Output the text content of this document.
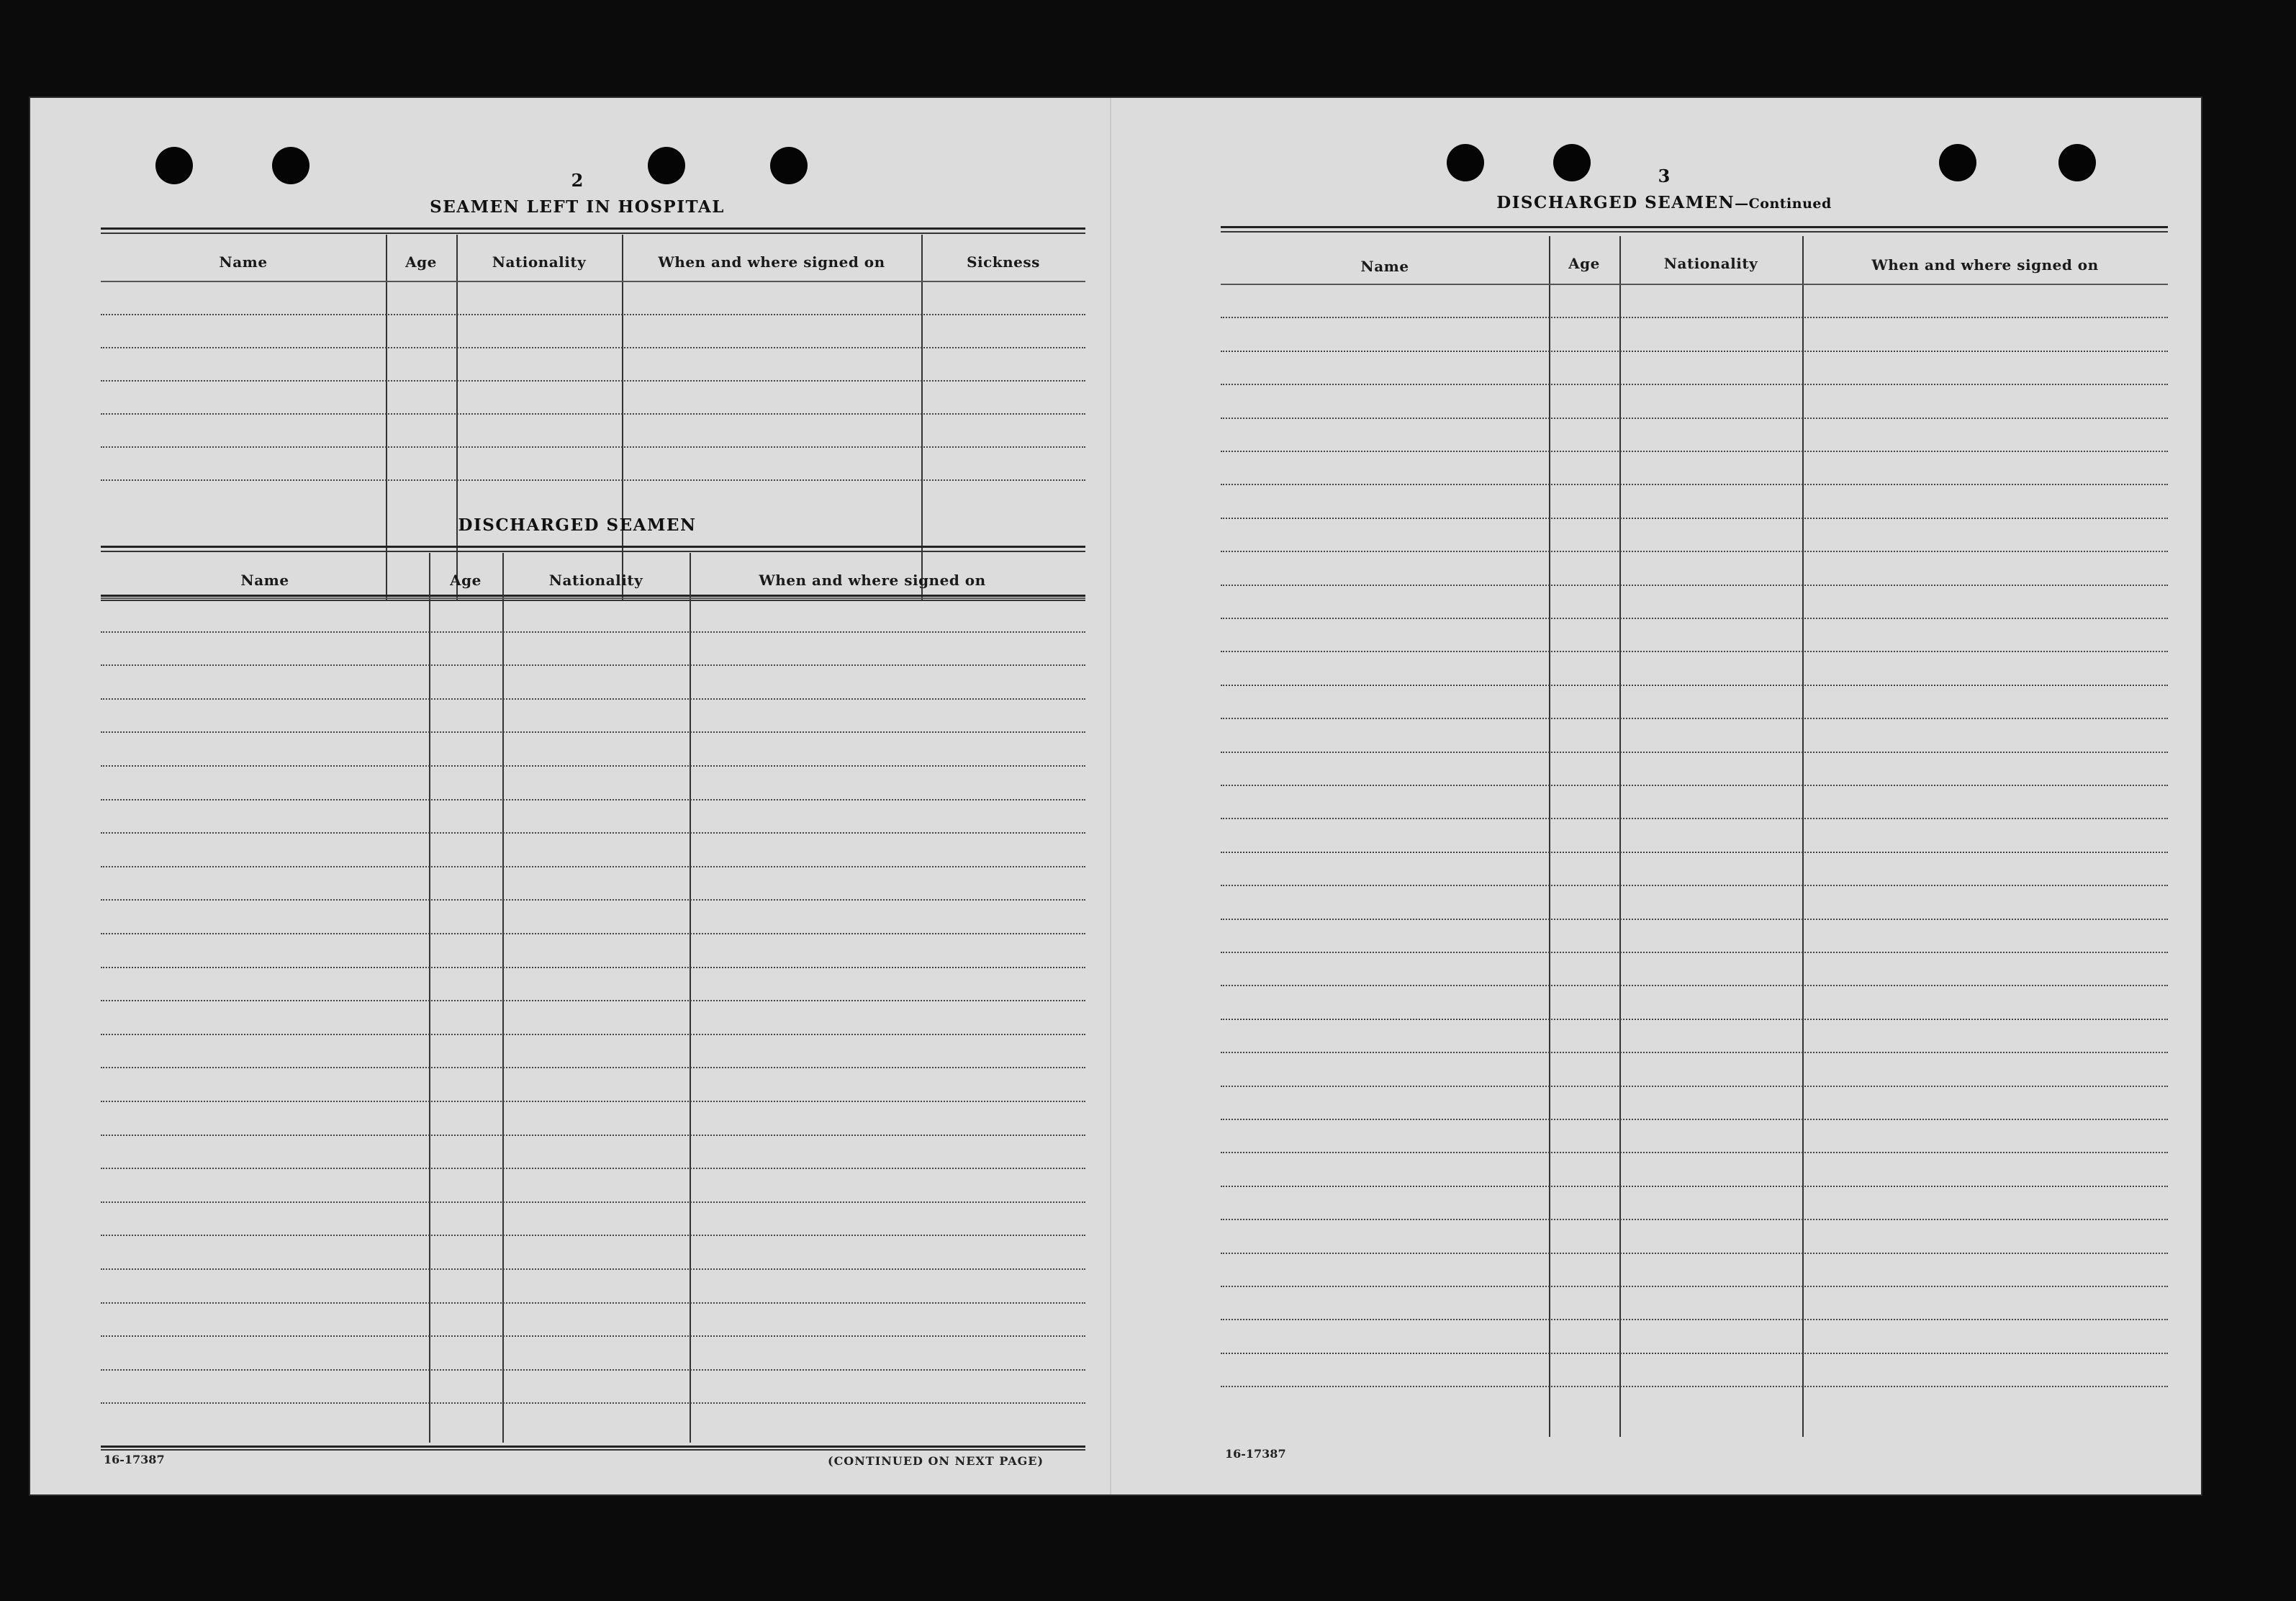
2
SEAMEN LEFT IN HOSPITAL
Name	Age	Nationality	When and where signed on	Sickness
DISCHARGED SEAMEN
3
DISCHARGED SEAMEN—Continued
Name	Age	Nationality	When and where signed on
16-17387
Name	Age	Nationality	When and where signed on
16-17387	(CONTINUED ON NEXT PAGE)
